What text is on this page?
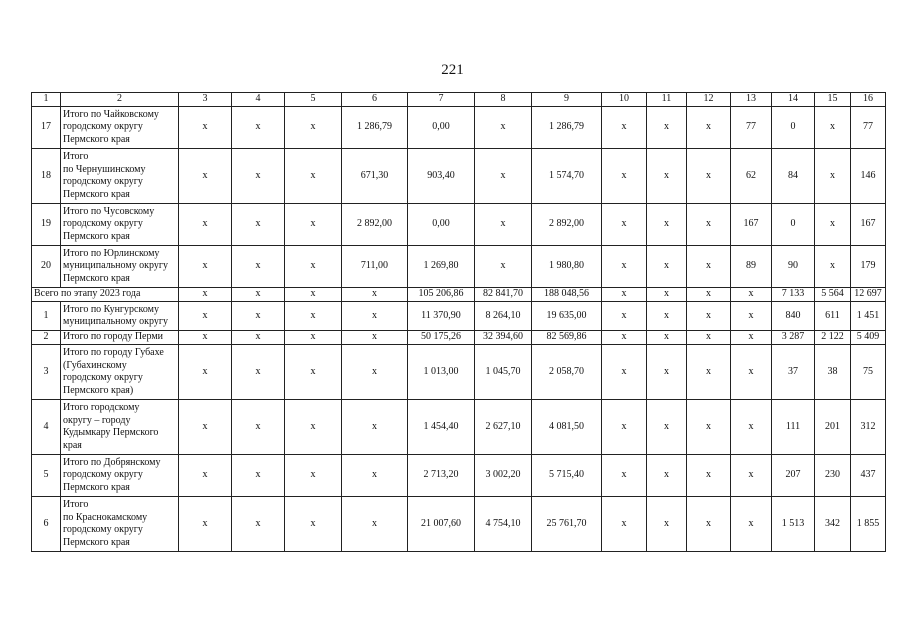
221
1	2	3	4	5	6	7	8	9	10	11	12	13	14	15	16
17	Итого по Чайковскому
городскому округу
Пермского края	x	x	x	1 286,79	0,00	x	1 286,79	x	x	x	77	0	x	77
18	Итого
по Чернушинскому
городскому округу
Пермского края	x	x	x	671,30	903,40	x	1 574,70	x	x	x	62	84	x	146
19	Итого по Чусовскому
городскому округу
Пермского края	x	x	x	2 892,00	0,00	x	2 892,00	x	x	x	167	0	x	167
20	Итого по Юрлинскому
муниципальному округу
Пермского края	x	x	x	711,00	1 269,80	x	1 980,80	x	x	x	89	90	x	179
Всего по этапу 2023 года		x	x	x	x	105 206,86	82 841,70	188 048,56	x	x	x	x	7 133	5 564	12 697
1	Итого по Кунгурскому
муниципальному округу	x	x	x	x	11 370,90	8 264,10	19 635,00	x	x	x	x	840	611	1 451
2	Итого по городу Перми	x	x	x	x	50 175,26	32 394,60	82 569,86	x	x	x	x	3 287	2 122	5 409
3	Итого по городу Губахе
(Губахинскому
городскому округу
Пермского края)	x	x	x	x	1 013,00	1 045,70	2 058,70	x	x	x	x	37	38	75
4	Итого городскому
округу – городу
Кудымкару Пермского
края	x	x	x	x	1 454,40	2 627,10	4 081,50	x	x	x	x	111	201	312
5	Итого по Добрянскому
городскому округу
Пермского края	x	x	x	x	2 713,20	3 002,20	5 715,40	x	x	x	x	207	230	437
6	Итого
по Краснокамскому
городскому округу
Пермского края	x	x	x	x	21 007,60	4 754,10	25 761,70	x	x	x	x	1 513	342	1 855
